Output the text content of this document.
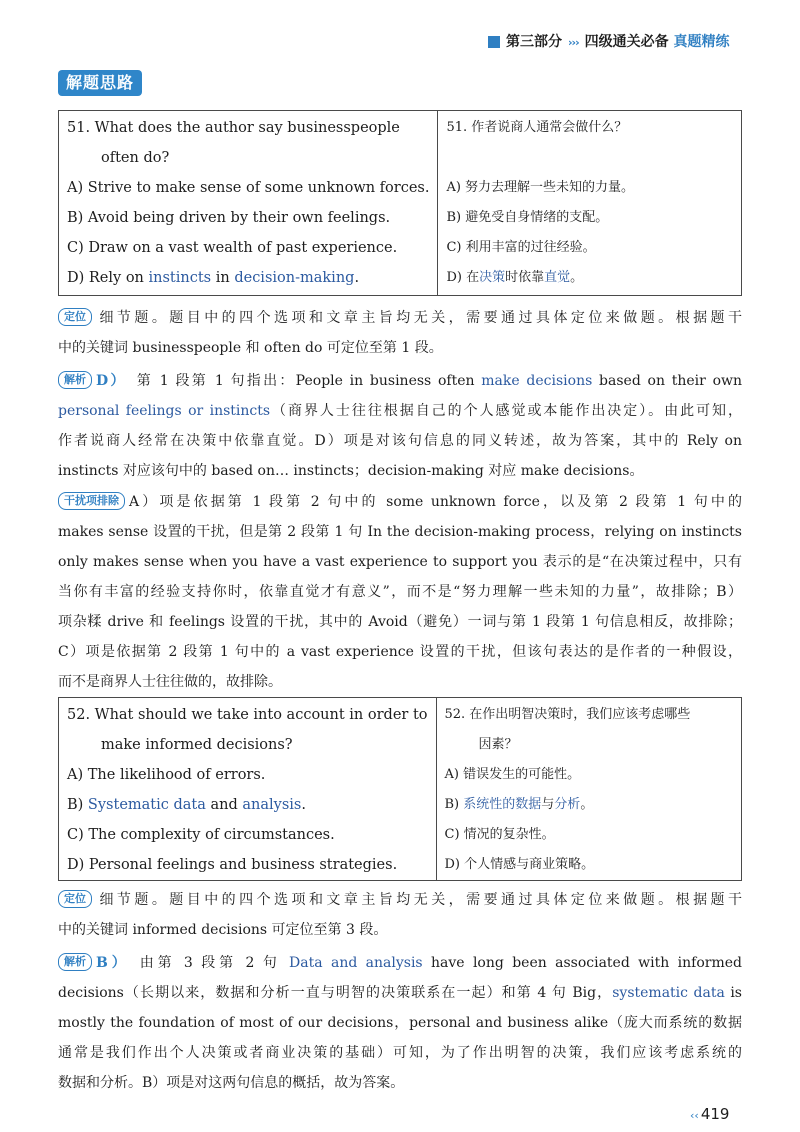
第三部分 ››› 四级通关必备 真题精练
解题思路
51. What does the author say businesspeople
often do?
A) Strive to make sense of some unknown forces.
B) Avoid being driven by their own feelings.
C) Draw on a vast wealth of past experience.
D) Rely on instincts in decision-making.

51. 作者说商人通常会做什么？
A) 努力去理解一些未知的力量。
B) 避免受自身情绪的支配。
C) 利用丰富的过往经验。
D) 在决策时依靠直觉。
定位 细节题。题目中的四个选项和文章主旨均无关，需要通过具体定位来做题。根据题干
中的关键词 businesspeople 和 often do 可定位至第 1 段。
解析 D） 第 1 段第 1 句指出：People in business often make decisions based on their own
personal feelings or instincts（商界人士往往根据自己的个人感觉或本能作出决定）。由此可知，
作者说商人经常在决策中依靠直觉。D）项是对该句信息的同义转述，故为答案，其中的 Rely on
instincts 对应该句中的 based on… instincts；decision-making 对应 make decisions。
干扰项排除 A）项是依据第 1 段第 2 句中的 some unknown force，以及第 2 段第 1 句中的
makes sense 设置的干扰，但是第 2 段第 1 句 In the decision-making process，relying on instincts
only makes sense when you have a vast experience to support you 表示的是“在决策过程中，只有
当你有丰富的经验支持你时，依靠直觉才有意义”，而不是“努力理解一些未知的力量”，故排除；B）
项杂糅 drive 和 feelings 设置的干扰，其中的 Avoid（避免）一词与第 1 段第 1 句信息相反，故排除；
C）项是依据第 2 段第 1 句中的 a vast experience 设置的干扰，但该句表达的是作者的一种假设，
而不是商界人士往往做的，故排除。
52. What should we take into account in order to
make informed decisions?
A) The likelihood of errors.
B) Systematic data and analysis.
C) The complexity of circumstances.
D) Personal feelings and business strategies.

52. 在作出明智决策时，我们应该考虑哪些
因素？
A) 错误发生的可能性。
B) 系统性的数据与分析。
C) 情况的复杂性。
D) 个人情感与商业策略。
定位 细节题。题目中的四个选项和文章主旨均无关，需要通过具体定位来做题。根据题干
中的关键词 informed decisions 可定位至第 3 段。
解析 B） 由第 3 段第 2 句 Data and analysis have long been associated with informed
decisions（长期以来，数据和分析一直与明智的决策联系在一起）和第 4 句 Big，systematic data is
mostly the foundation of most of our decisions，personal and business alike（庞大而系统的数据
通常是我们作出个人决策或者商业决策的基础）可知，为了作出明智的决策，我们应该考虑系统的
数据和分析。B）项是对这两句信息的概括，故为答案。
‹‹ 419
